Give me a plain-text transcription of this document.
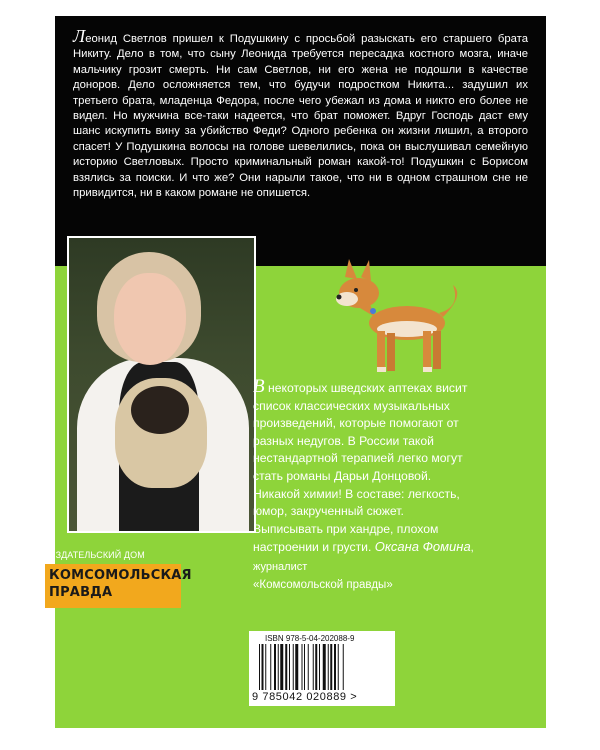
Леонид Светлов пришел к Подушкину с просьбой разыскать его старшего брата Никиту. Дело в том, что сыну Леонида требуется пересадка костного мозга, иначе мальчику грозит смерть. Ни сам Светлов, ни его жена не подошли в качестве доноров. Дело осложняется тем, что будучи подростком Никита... задушил их третьего брата, младенца Федора, после чего убежал из дома и никто его более не видел. Но мужчина все-таки надеется, что брат поможет. Вдруг Господь даст ему шанс искупить вину за убийство Феди? Одного ребенка он жизни лишил, а второго спасет! У Подушкина волосы на голове шевелились, пока он выслушивал семейную историю Светловых. Просто криминальный роман какой-то! Подушкин с Борисом взялись за поиски. И что же? Они нарыли такое, что ни в одном страшном сне не привидится, ни в каком романе не опишется.

В некоторых шведских аптеках висит список классических музыкальных произведений, которые помогают от разных недугов. В России такой нестандартной терапией легко могут стать романы Дарьи Донцовой. Никакой химии! В составе: легкость, юмор, закрученный сюжет. Выписывать при хандре, плохом настроении и грусти. Оксана Фомина, журналист
«Комсомольской правды»

ИЗДАТЕЛЬСКИЙ ДОМ
КОМСОМОЛЬСКАЯ
ПРАВДА
ISBN 978-5-04-202088-9
9 785042 020889 >
